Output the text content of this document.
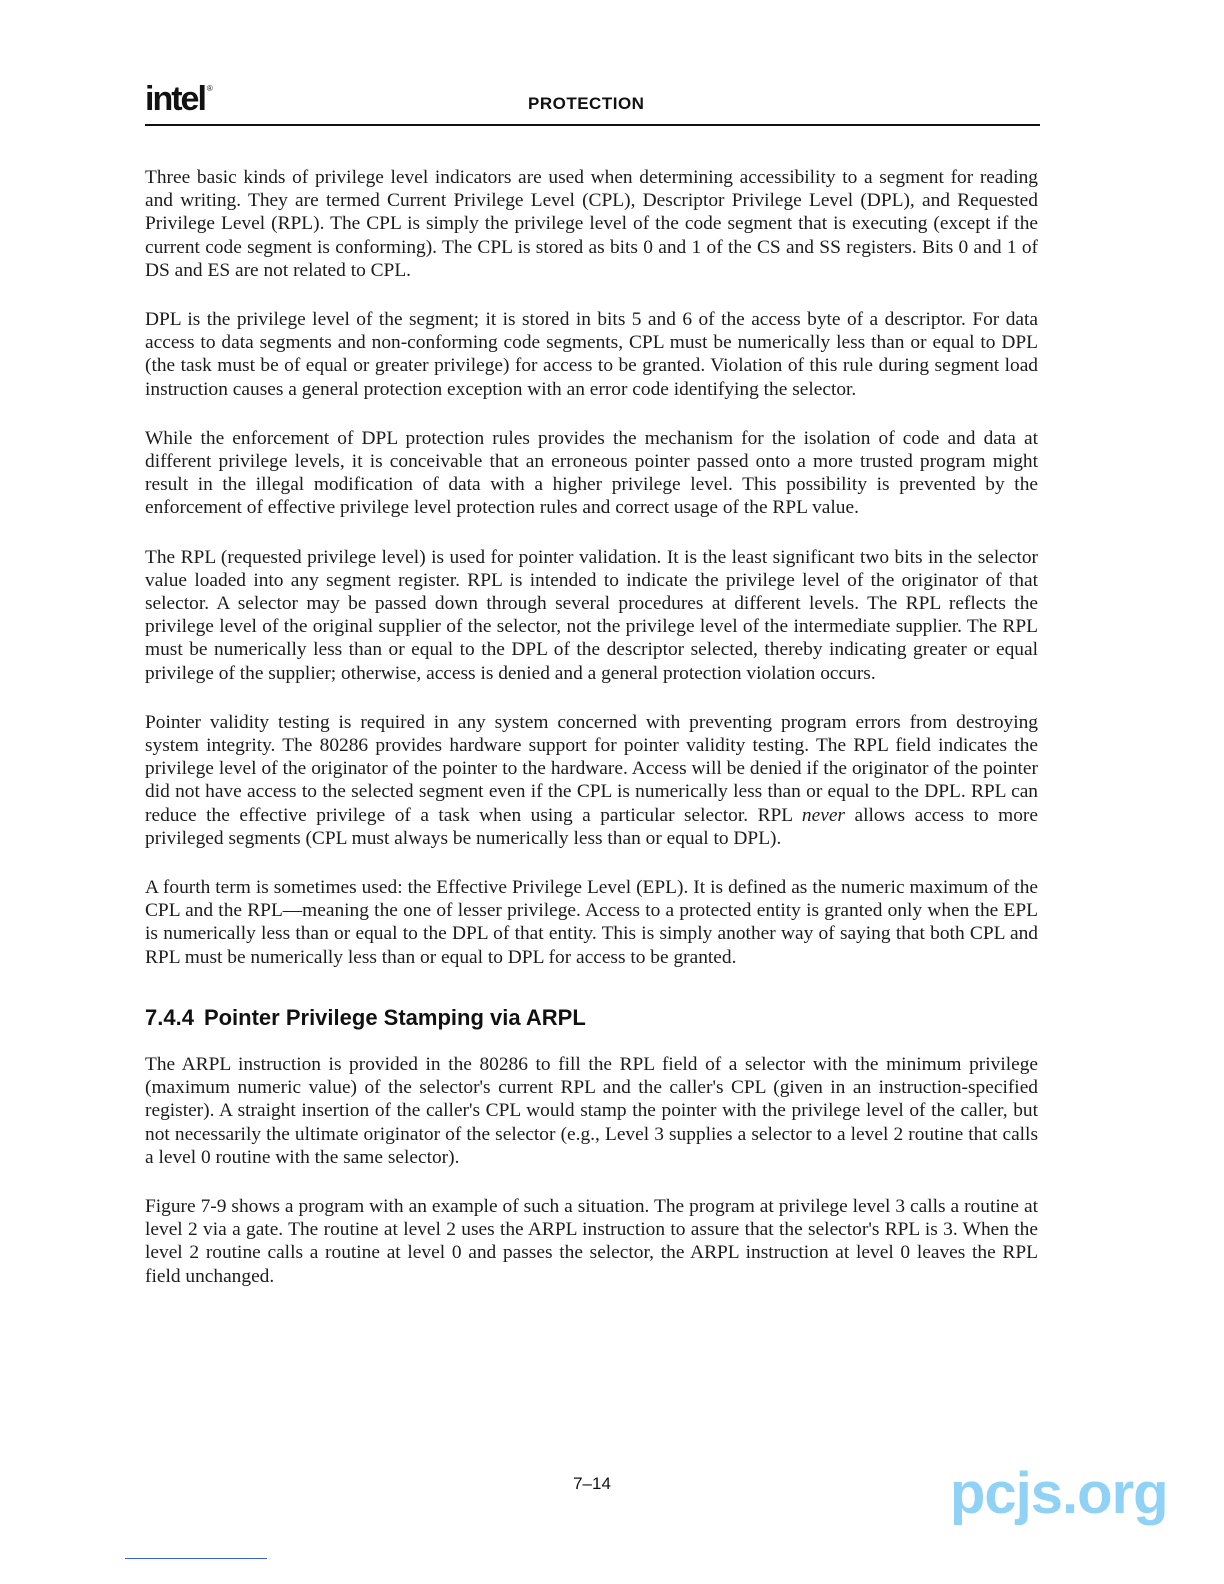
intel ®
PROTECTION

Three basic kinds of privilege level indicators are used when determining accessibility to a segment for reading and writing. They are termed Current Privilege Level (CPL), Descriptor Privilege Level (DPL), and Requested Privilege Level (RPL). The CPL is simply the privilege level of the code segment that is executing (except if the current code segment is conforming). The CPL is stored as bits 0 and 1 of the CS and SS registers. Bits 0 and 1 of DS and ES are not related to CPL.

DPL is the privilege level of the segment; it is stored in bits 5 and 6 of the access byte of a descriptor. For data access to data segments and non-conforming code segments, CPL must be numerically less than or equal to DPL (the task must be of equal or greater privilege) for access to be granted. Violation of this rule during segment load instruction causes a general protection exception with an error code identifying the selector.

While the enforcement of DPL protection rules provides the mechanism for the isolation of code and data at different privilege levels, it is conceivable that an erroneous pointer passed onto a more trusted program might result in the illegal modification of data with a higher privilege level. This possibility is prevented by the enforcement of effective privilege level protection rules and correct usage of the RPL value.

The RPL (requested privilege level) is used for pointer validation. It is the least significant two bits in the selector value loaded into any segment register. RPL is intended to indicate the privilege level of the originator of that selector. A selector may be passed down through several procedures at different levels. The RPL reflects the privilege level of the original supplier of the selector, not the privilege level of the intermediate supplier. The RPL must be numerically less than or equal to the DPL of the descriptor selected, thereby indicating greater or equal privilege of the supplier; otherwise, access is denied and a general protection violation occurs.

Pointer validity testing is required in any system concerned with preventing program errors from destroying system integrity. The 80286 provides hardware support for pointer validity testing. The RPL field indicates the privilege level of the originator of the pointer to the hardware. Access will be denied if the originator of the pointer did not have access to the selected segment even if the CPL is numerically less than or equal to the DPL. RPL can reduce the effective privilege of a task when using a particular selector. RPL never allows access to more privileged segments (CPL must always be numerically less than or equal to DPL).

A fourth term is sometimes used: the Effective Privilege Level (EPL). It is defined as the numeric maximum of the CPL and the RPL—meaning the one of lesser privilege. Access to a protected entity is granted only when the EPL is numerically less than or equal to the DPL of that entity. This is simply another way of saying that both CPL and RPL must be numerically less than or equal to DPL for access to be granted.

7.4.4 Pointer Privilege Stamping via ARPL

The ARPL instruction is provided in the 80286 to fill the RPL field of a selector with the minimum privilege (maximum numeric value) of the selector's current RPL and the caller's CPL (given in an instruction-specified register). A straight insertion of the caller's CPL would stamp the pointer with the privilege level of the caller, but not necessarily the ultimate originator of the selector (e.g., Level 3 supplies a selector to a level 2 routine that calls a level 0 routine with the same selector).

Figure 7-9 shows a program with an example of such a situation. The program at privilege level 3 calls a routine at level 2 via a gate. The routine at level 2 uses the ARPL instruction to assure that the selector's RPL is 3. When the level 2 routine calls a routine at level 0 and passes the selector, the ARPL instruction at level 0 leaves the RPL field unchanged.

7–14	pcjs.org
